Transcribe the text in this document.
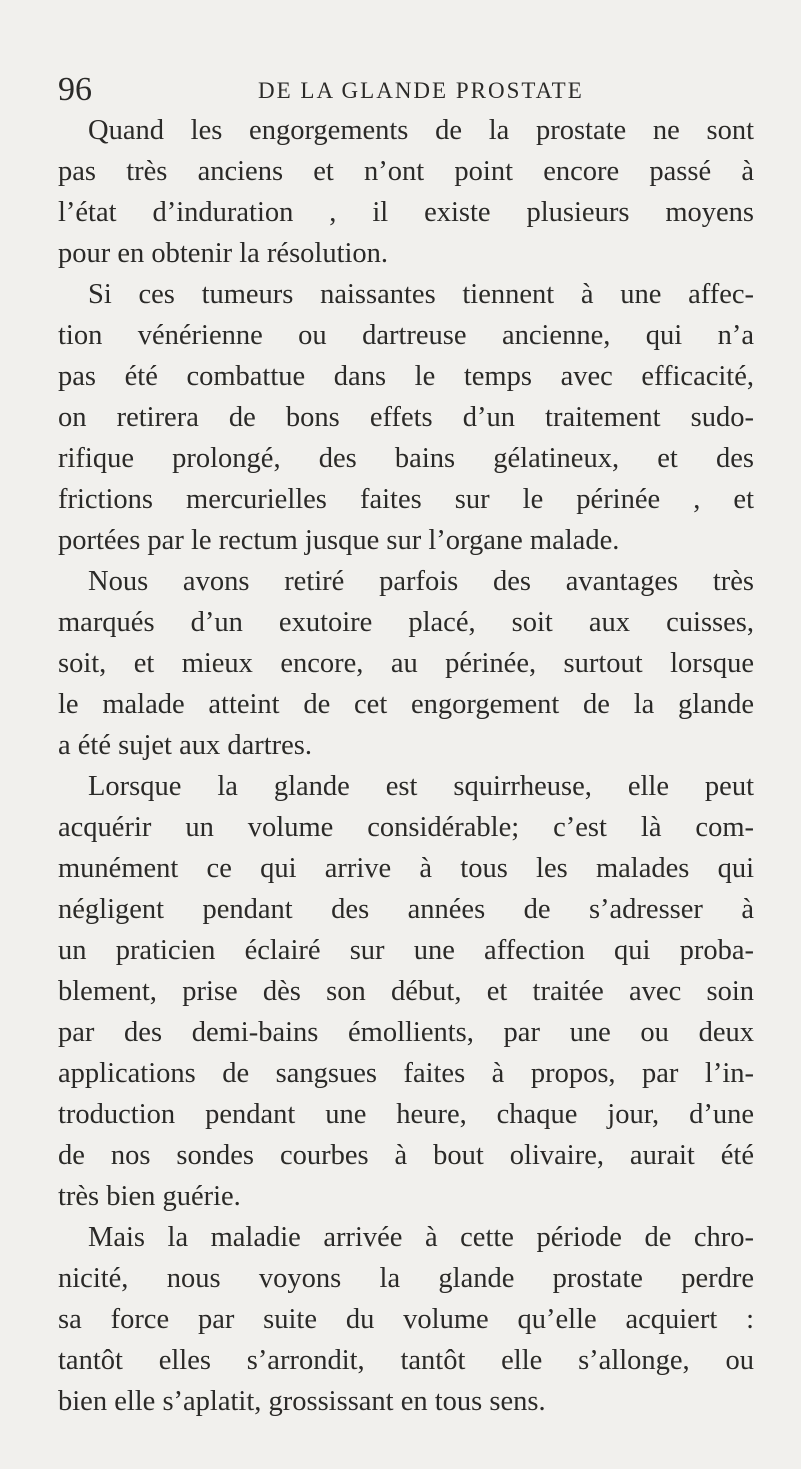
96	DE LA GLANDE PROSTATE
Quand les engorgements de la prostate ne sont
pas très anciens et n’ont point encore passé à
l’état d’induration , il existe plusieurs moyens
pour en obtenir la résolution.
Si ces tumeurs naissantes tiennent à une affec-
tion vénérienne ou dartreuse ancienne, qui n’a
pas été combattue dans le temps avec efficacité,
on retirera de bons effets d’un traitement sudo-
rifique prolongé, des bains gélatineux, et des
frictions mercurielles faites sur le périnée , et
portées par le rectum jusque sur l’organe malade.
Nous avons retiré parfois des avantages très
marqués d’un exutoire placé, soit aux cuisses,
soit, et mieux encore, au périnée, surtout lorsque
le malade atteint de cet engorgement de la glande
a été sujet aux dartres.
Lorsque la glande est squirrheuse, elle peut
acquérir un volume considérable; c’est là com-
munément ce qui arrive à tous les malades qui
négligent pendant des années de s’adresser à
un praticien éclairé sur une affection qui proba-
blement, prise dès son début, et traitée avec soin
par des demi-bains émollients, par une ou deux
applications de sangsues faites à propos, par l’in-
troduction pendant une heure, chaque jour, d’une
de nos sondes courbes à bout olivaire, aurait été
très bien guérie.
Mais la maladie arrivée à cette période de chro-
nicité, nous voyons la glande prostate perdre
sa force par suite du volume qu’elle acquiert :
tantôt elles s’arrondit, tantôt elle s’allonge, ou
bien elle s’aplatit, grossissant en tous sens.
